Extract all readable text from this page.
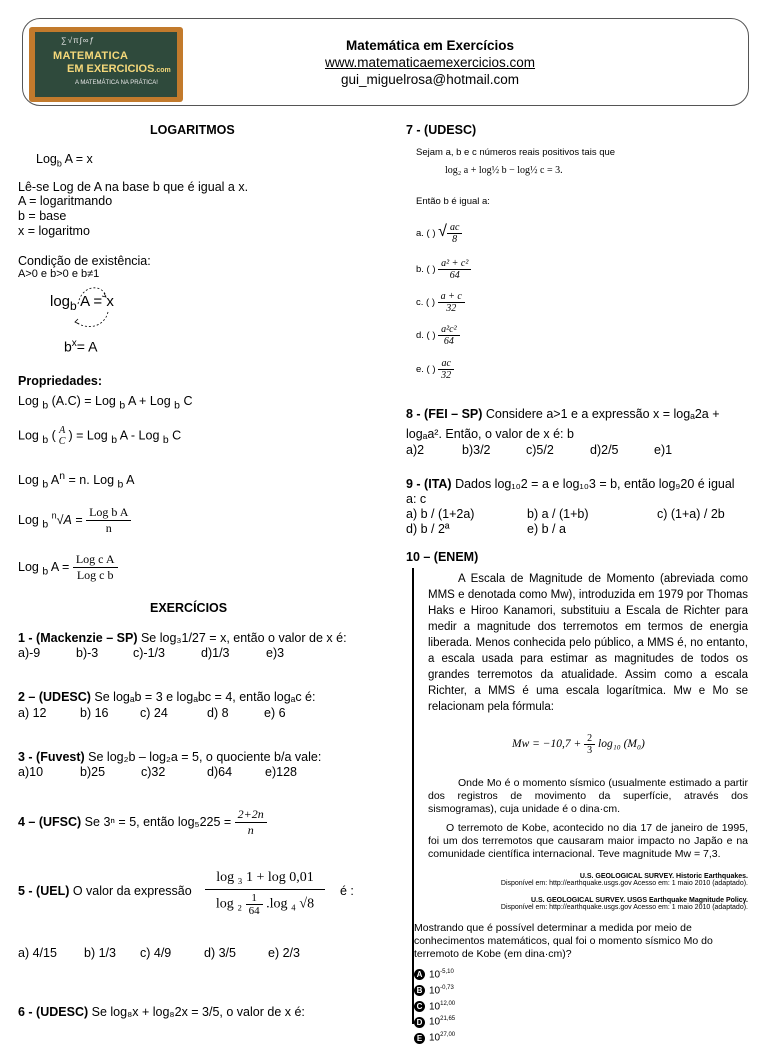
∑√π∫∞ƒ
MATEMATICA
EM EXERCICIOS.com
A MATEMÁTICA NA PRÁTICA!
Matemática em Exercícios
www.matematicaemexercicios.com
gui_miguelrosa@hotmail.com
LOGARITMOS
Log$_b$ A = x
Lê-se Log de A na base b que é igual a x.
A = logaritmando
b = base
x = logaritmo
Condição de existência:
A>0 e b>0 e b≠1
$\log_b A = x$
$b^x= A$
Propriedades:
Log $_b$ (A.C) = Log $_b$ A + Log $_b$ C
Log $_b$ ( A
C ) = Log $_b$ A - Log $_b$ C
Log $_b$ $A^n = n$. Log $_b$ A
Log $_b$ $^n√A = \frac{\text{Log b A}}{n}$
Log $_b$ $A = \frac{\text{Log c A}}{\text{Log c b}}$
EXERCÍCIOS
1 - (Mackenzie – SP) Se log₃1/27 = x, então o valor de x é:
a)-9	b)-3	c)-1/3	d)1/3	e)3
2 – (UDESC) Se logₐb = 3 e logₐbc = 4, então logₐc é:
a) 12	b) 16	c) 24	d) 8	e) 6
3 - (Fuvest) Se log₂b – log₂a = 5, o quociente b/a vale:
a)10	b)25	c)32	d)64	e)128
4 – (UFSC) Se 3ⁿ = 5, então $\log_5225 = \frac{2+2n}{n}$
5 - (UEL) O valor da expressão
log ₃ 1 + log 0,01
$\log _2 \frac{1}{64} .\log$ ₄ √8
é :
a) 4/15	b) 1/3	c) 4/9	d) 3/5	e) 2/3
6 - (UDESC) Se log₈x + log₈2x = 3/5, o valor de x é:
7 - (UDESC)
Sejam a, b e c números reais positivos tais que
log₂ a + log½ b − log½ c = 3.
Então b é igual a:
a. ( ) √ $\frac{ac}{8}$
b. ( ) $\frac{\text{a² + c²}}{64}$
c. ( ) $\frac{a + c}{32}$
d. ( ) $\frac{\text{a²c²}}{64}$
e. ( ) $\frac{ac}{32}$
8 - (FEI – SP) Considere a>1 e a expressão x = logₐ2a +
logₐa². Então, o valor de x é: b
a)2	b)3/2	c)5/2	d)2/5	e)1
9 - (ITA) Dados log₁₀2 = a e log₁₀3 = b, então log₉20 é igual
a: c
a) b / (1+2a)	b) a / (1+b)	c) (1+a) / 2b
d) b / 2ª	e) b / a
10 – (ENEM)
A Escala de Magnitude de Momento (abreviada como MMS e denotada como Mw), introduzida em 1979 por Thomas Haks e Hiroo Kanamori, substituiu a Escala de Richter para medir a magnitude dos terremotos em termos de energia liberada. Menos conhecida pelo público, a MMS é, no entanto, a escala usada para estimar as magnitudes de todos os grandes terremotos da atualidade. Assim como a escala Richter, a MMS é uma escala logarítmica. Mw e Mo se relacionam pela fórmula:
$Mw = -10,7 + \frac{2}{3} \log_{10}$ (M₀)
Onde Mo é o momento sísmico (usualmente estimado a partir dos registros de movimento da superfície, através dos sismogramas), cuja unidade é o dina·cm.
O terremoto de Kobe, acontecido no dia 17 de janeiro de 1995, foi um dos terremotos que causaram maior impacto no Japão e na comunidade científica internacional. Teve magnitude Mw = 7,3.
U.S. GEOLOGICAL SURVEY. Historic Earthquakes.
Disponível em: http://earthquake.usgs.gov Acesso em: 1 maio 2010 (adaptado).
U.S. GEOLOGICAL SURVEY. USGS Earthquake Magnitude Policy.
Disponível em: http://earthquake.usgs.gov Acesso em: 1 maio 2010 (adaptado).
Mostrando que é possível determinar a medida por meio de conhecimentos matemáticos, qual foi o momento sísmico Mo do terremoto de Kobe (em dina·cm)?
A $10^{-5,10}$
B $10^{-0,73}$
C 10$^{12,00}$
D 10$^{21,65}$
E 10$^{27,00}$
